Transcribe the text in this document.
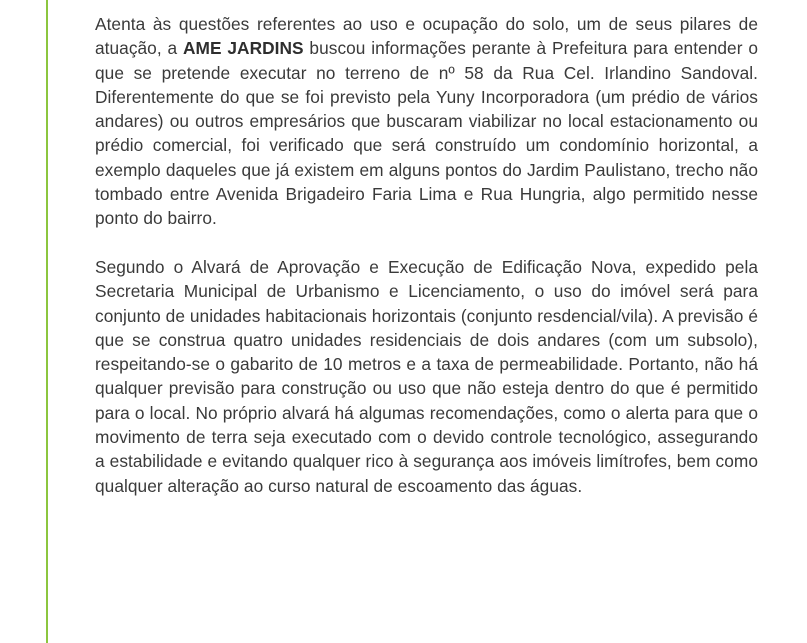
Atenta às questões referentes ao uso e ocupação do solo, um de seus pilares de atuação, a AME JARDINS buscou informações perante à Prefeitura para entender o que se pretende executar no terreno de nº 58 da Rua Cel. Irlandino Sandoval. Diferentemente do que se foi previsto pela Yuny Incorporadora (um prédio de vários andares) ou outros empresários que buscaram viabilizar no local estacionamento ou prédio comercial, foi verificado que será construído um condomínio horizontal, a exemplo daqueles que já existem em alguns pontos do Jardim Paulistano, trecho não tombado entre Avenida Brigadeiro Faria Lima e Rua Hungria, algo permitido nesse ponto do bairro.

Segundo o Alvará de Aprovação e Execução de Edificação Nova, expedido pela Secretaria Municipal de Urbanismo e Licenciamento, o uso do imóvel será para conjunto de unidades habitacionais horizontais (conjunto resdencial/vila). A previsão é que se construa quatro unidades residenciais de dois andares (com um subsolo), respeitando-se o gabarito de 10 metros e a taxa de permeabilidade. Portanto, não há qualquer previsão para construção ou uso que não esteja dentro do que é permitido para o local. No próprio alvará há algumas recomendações, como o alerta para que o movimento de terra seja executado com o devido controle tecnológico, assegurando a estabilidade e evitando qualquer rico à segurança aos imóveis limítrofes, bem como qualquer alteração ao curso natural de escoamento das águas.
